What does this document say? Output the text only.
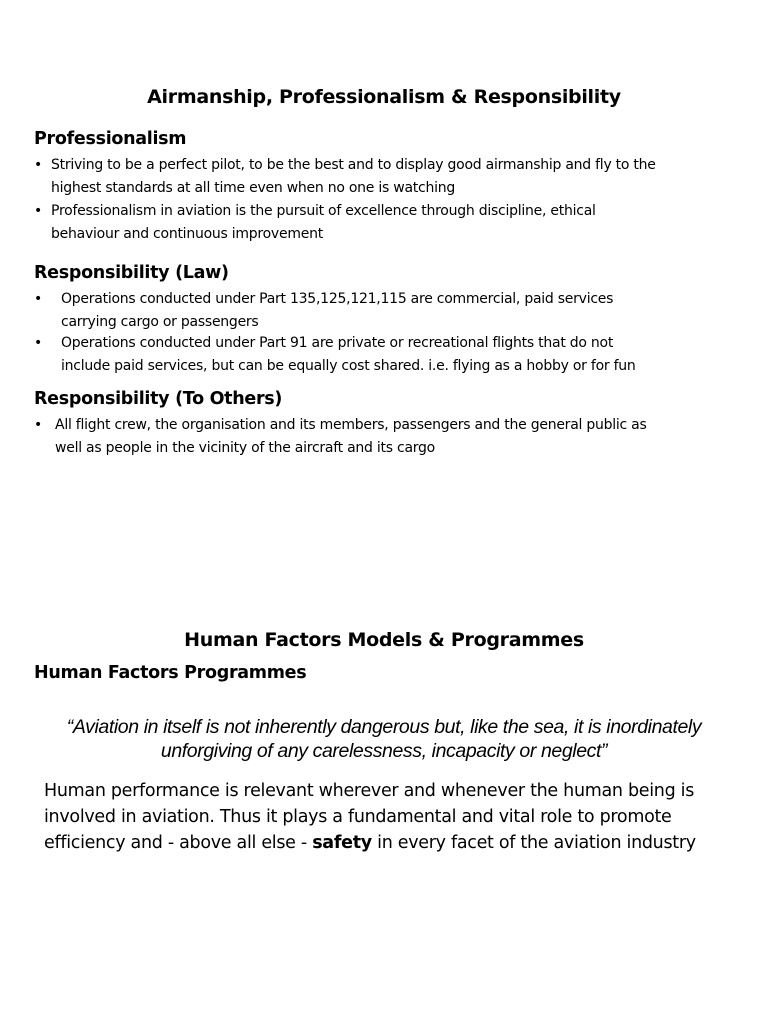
Airmanship, Professionalism & Responsibility
Professionalism
• Striving to be a perfect pilot, to be the best and to display good airmanship and fly to the
highest standards at all time even when no one is watching
• Professionalism in aviation is the pursuit of excellence through discipline, ethical
behaviour and continuous improvement
Responsibility (Law)
• Operations conducted under Part 135,125,121,115 are commercial, paid services
carrying cargo or passengers
• Operations conducted under Part 91 are private or recreational flights that do not
include paid services, but can be equally cost shared. i.e. flying as a hobby or for fun
Responsibility (To Others)
• All flight crew, the organisation and its members, passengers and the general public as
well as people in the vicinity of the aircraft and its cargo
Human Factors Models & Programmes
Human Factors Programmes
“Aviation in itself is not inherently dangerous but, like the sea, it is inordinately
unforgiving of any carelessness, incapacity or neglect”
Human performance is relevant wherever and whenever the human being is
involved in aviation. Thus it plays a fundamental and vital role to promote
efficiency and - above all else - safety in every facet of the aviation industry
